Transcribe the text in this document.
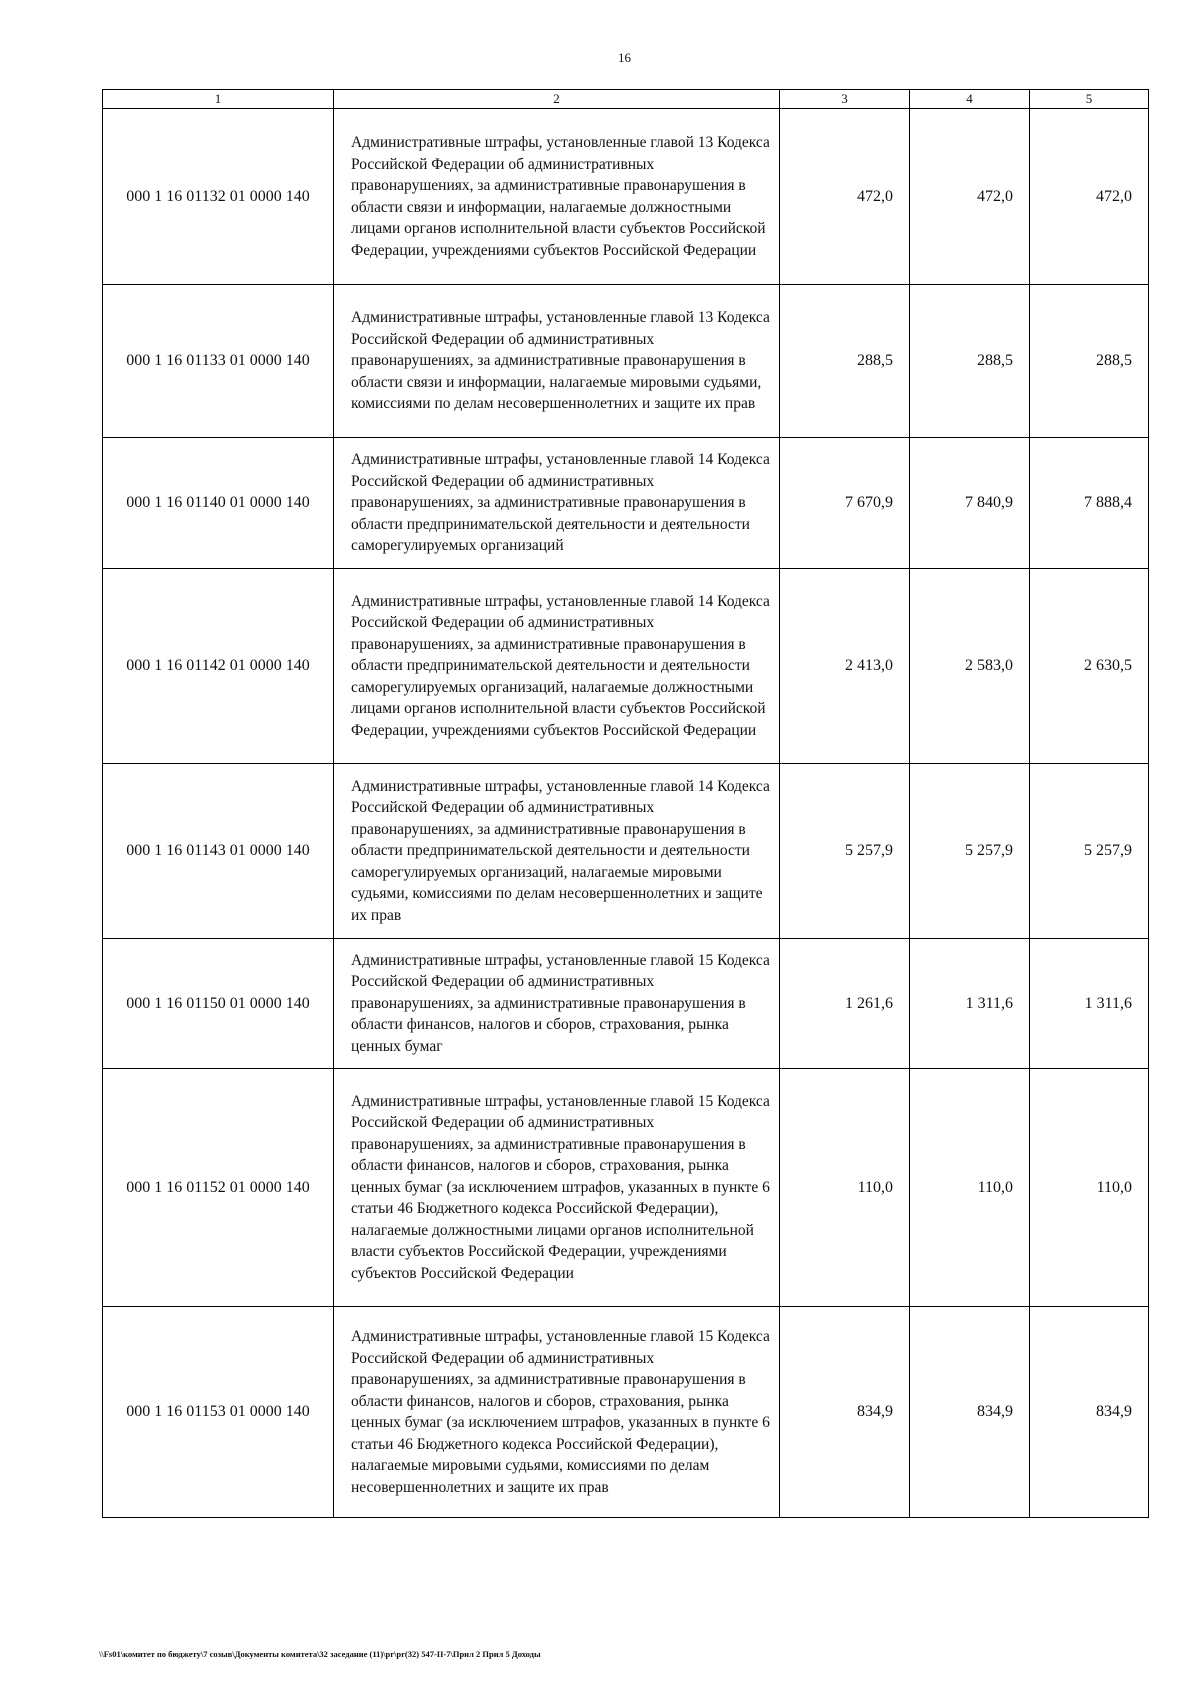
16
1	2	3	4	5
000 1 16 01132 01 0000 140	Административные штрафы, установленные главой 13 Кодекса Российской Федерации об административных правонарушениях, за административные правонарушения в области связи и информации, налагаемые должностными лицами органов исполнительной власти субъектов Российской Федерации, учреждениями субъектов Российской Федерации	472,0	472,0	472,0
000 1 16 01133 01 0000 140	Административные штрафы, установленные главой 13 Кодекса Российской Федерации об административных правонарушениях, за административные правонарушения в области связи и информации, налагаемые мировыми судьями, комиссиями по делам несовершеннолетних и защите их прав	288,5	288,5	288,5
000 1 16 01140 01 0000 140	Административные штрафы, установленные главой 14 Кодекса Российской Федерации об административных правонарушениях, за административные правонарушения в области предпринимательской деятельности и деятельности саморегулируемых организаций	7 670,9	7 840,9	7 888,4
000 1 16 01142 01 0000 140	Административные штрафы, установленные главой 14 Кодекса Российской Федерации об административных правонарушениях, за административные правонарушения в области предпринимательской деятельности и деятельности саморегулируемых организаций, налагаемые должностными лицами органов исполнительной власти субъектов Российской Федерации, учреждениями субъектов Российской Федерации	2 413,0	2 583,0	2 630,5
000 1 16 01143 01 0000 140	Административные штрафы, установленные главой 14 Кодекса Российской Федерации об административных правонарушениях, за административные правонарушения в области предпринимательской деятельности и деятельности саморегулируемых организаций, налагаемые мировыми судьями, комиссиями по делам несовершеннолетних и защите их прав	5 257,9	5 257,9	5 257,9
000 1 16 01150 01 0000 140	Административные штрафы, установленные главой 15 Кодекса Российской Федерации об административных правонарушениях, за административные правонарушения в области финансов, налогов и сборов, страхования, рынка ценных бумаг	1 261,6	1 311,6	1 311,6
000 1 16 01152 01 0000 140	Административные штрафы, установленные главой 15 Кодекса Российской Федерации об административных правонарушениях, за административные правонарушения в области финансов, налогов и сборов, страхования, рынка ценных бумаг (за исключением штрафов, указанных в пункте 6 статьи 46 Бюджетного кодекса Российской Федерации), налагаемые должностными лицами органов исполнительной власти субъектов Российской Федерации, учреждениями субъектов Российской Федерации	110,0	110,0	110,0
000 1 16 01153 01 0000 140	Административные штрафы, установленные главой 15 Кодекса Российской Федерации об административных правонарушениях, за административные правонарушения в области финансов, налогов и сборов, страхования, рынка ценных бумаг (за исключением штрафов, указанных в пункте 6 статьи 46 Бюджетного кодекса Российской Федерации), налагаемые мировыми судьями, комиссиями по делам несовершеннолетних и защите их прав	834,9	834,9	834,9
\\Fs01\комитет по бюджету\7 созыв\Документы комитета\32 заседание (11)\pr\pr(32) 547-II-7\Прил 2 Прил 5 Доходы
